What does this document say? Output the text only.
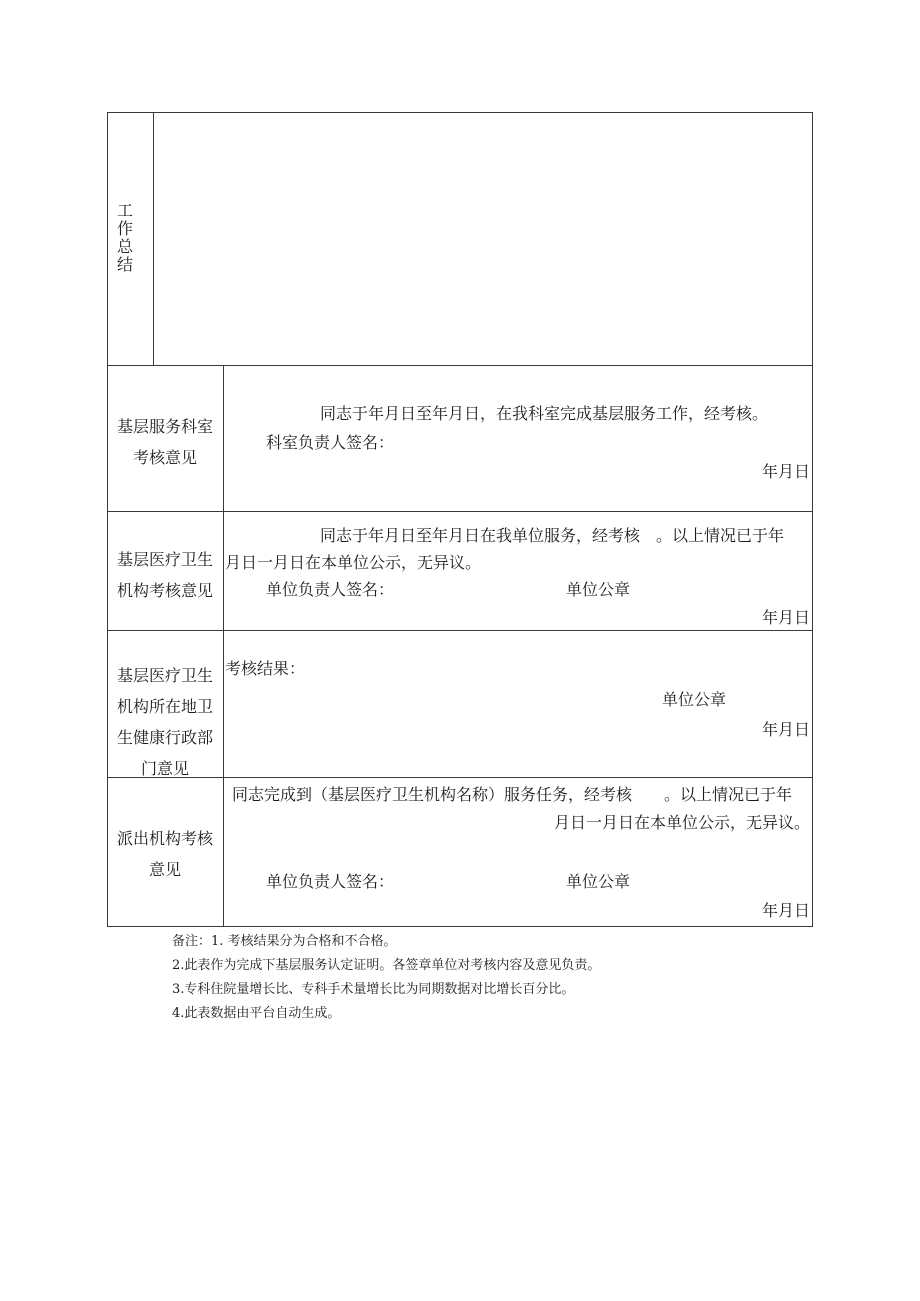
工
作
总
结
基层服务科室
考核意见
同志于年月日至年月日，在我科室完成基层服务工作，经考核。
科室负责人签名：
年月日
基层医疗卫生
机构考核意见
同志于年月日至年月日在我单位服务，经考核　。以上情况已于年
月日一月日在本单位公示，无异议。
单位负责人签名：	单位公章
年月日
基层医疗卫生
机构所在地卫
生健康行政部
门意见
考核结果：
单位公章
年月日
派出机构考核
意见
同志完成到（基层医疗卫生机构名称）服务任务，经考核　　。以上情况已于年
月日一月日在本单位公示，无异议。
单位负责人签名：	单位公章
年月日
备注：1. 考核结果分为合格和不合格。
2.此表作为完成下基层服务认定证明。各签章单位对考核内容及意见负责。
3.专科住院量增长比、专科手术量增长比为同期数据对比增长百分比。
4.此表数据由平台自动生成。
